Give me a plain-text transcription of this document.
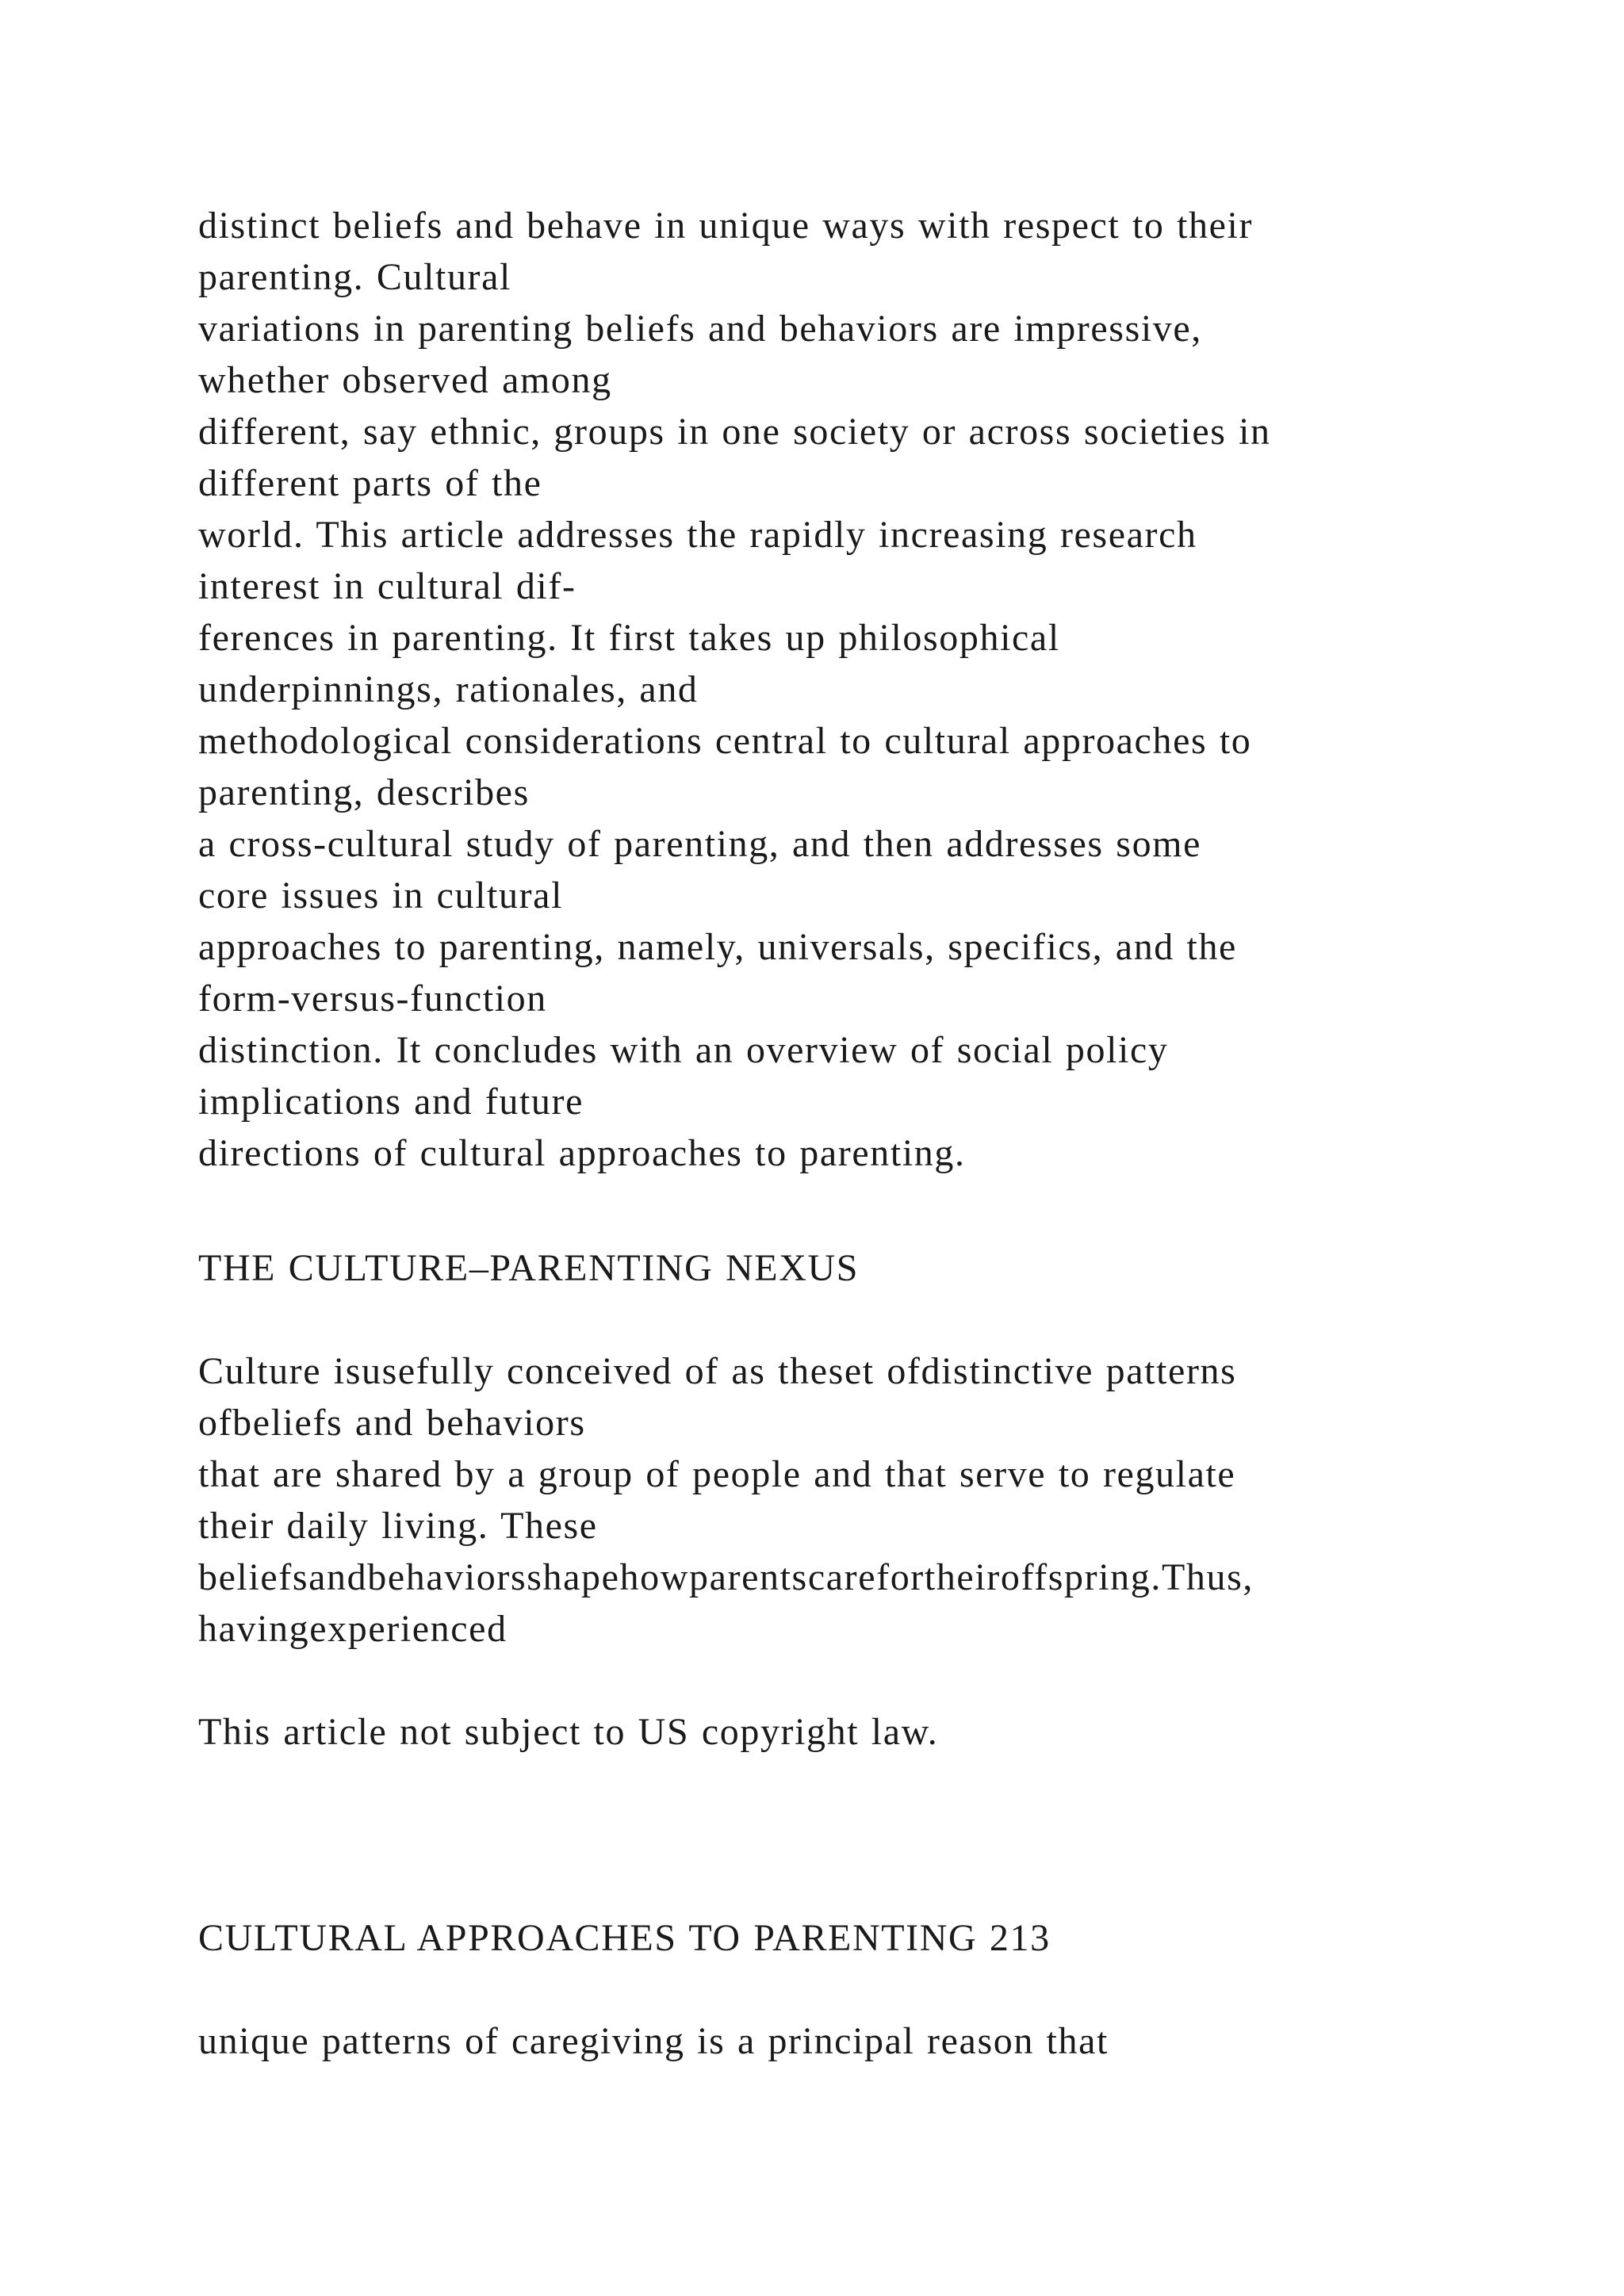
distinct beliefs and behave in unique ways with respect to their
parenting. Cultural
variations in parenting beliefs and behaviors are impressive,
whether observed among
different, say ethnic, groups in one society or across societies in
different parts of the
world. This article addresses the rapidly increasing research
interest in cultural dif-
ferences in parenting. It first takes up philosophical
underpinnings, rationales, and
methodological considerations central to cultural approaches to
parenting, describes
a cross-cultural study of parenting, and then addresses some
core issues in cultural
approaches to parenting, namely, universals, specifics, and the
form-versus-function
distinction. It concludes with an overview of social policy
implications and future
directions of cultural approaches to parenting.
THE CULTURE–PARENTING NEXUS
Culture isusefully conceived of as theset ofdistinctive patterns
ofbeliefs and behaviors
that are shared by a group of people and that serve to regulate
their daily living. These
beliefsandbehaviorsshapehowparentscarefortheiroffspring.Thus,
havingexperienced
This article not subject to US copyright law.
CULTURAL APPROACHES TO PARENTING 213
unique patterns of caregiving is a principal reason that
